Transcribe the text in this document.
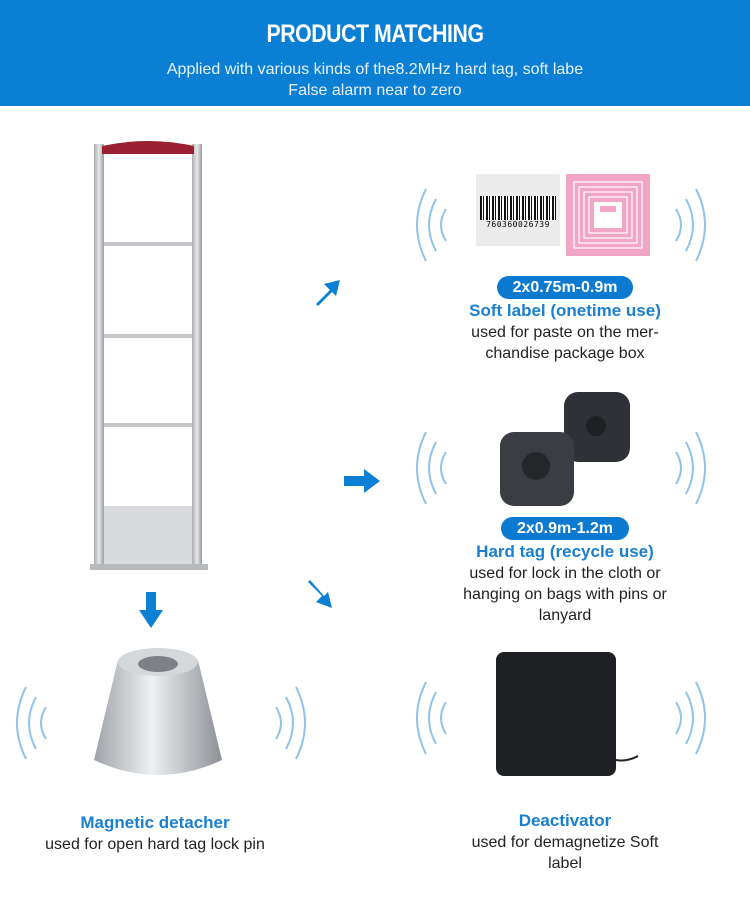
PRODUCT MATCHING

Applied with various kinds of the8.2MHz hard tag, soft labe

False alarm near to zero

760360026739
2x0.75m-0.9m
Soft label (onetime use)
used for paste on the mer-chandise package box
2x0.9m-1.2m
Hard tag (recycle use)
used for lock in the cloth or hanging on bags with pins or lanyard
Deactivator
used for demagnetize Soft label
Magnetic detacher
used for open hard tag lock pin
